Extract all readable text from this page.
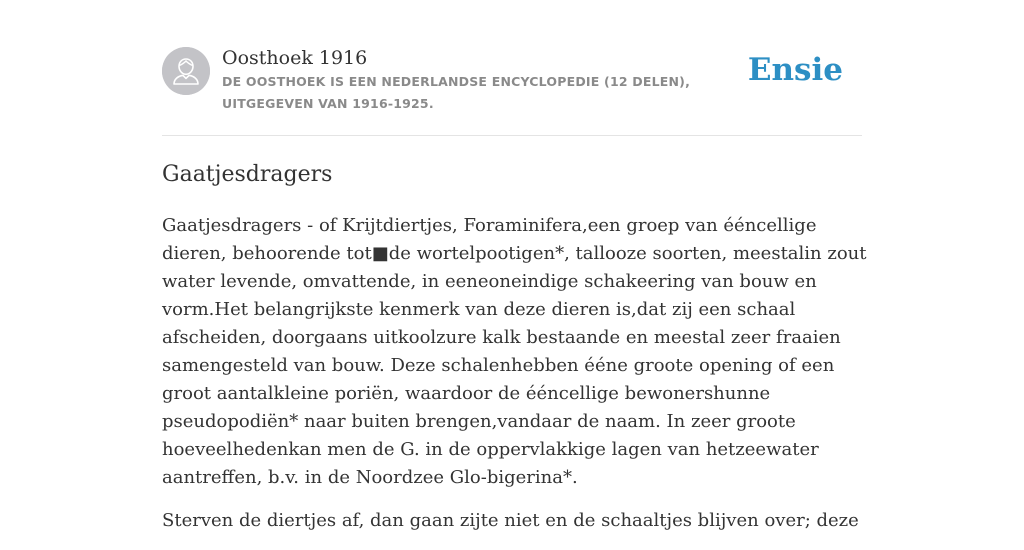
Oosthoek 1916
DE OOSTHOEK IS EEN NEDERLANDSE ENCYCLOPEDIE (12 DELEN), UITGEGEVEN VAN 1916-1925.
Ensie
Gaatjesdragers

Gaatjesdragers - of Krijtdiertjes, Foraminifera,een groep van ééncellige dieren, behoorende tot■de wortelpootigen*, tallooze soorten, meestalin zout water levende, omvattende, in eeneoneindige schakeering van bouw en vorm.Het belangrijkste kenmerk van deze dieren is,dat zij een schaal afscheiden, doorgaans uitkoolzure kalk bestaande en meestal zeer fraaien samengesteld van bouw. Deze schalenhebben ééne groote opening of een groot aantalkleine poriën, waardoor de ééncellige bewonershunne pseudopodiën* naar buiten brengen,vandaar de naam. In zeer groote hoeveelhedenkan men de G. in de oppervlakkige lagen van hetzeewater aantreffen, b.v. in de Noordzee Glo-bigerina*.

Sterven de diertjes af, dan gaan zijte niet en de schaaltjes blijven over; deze
